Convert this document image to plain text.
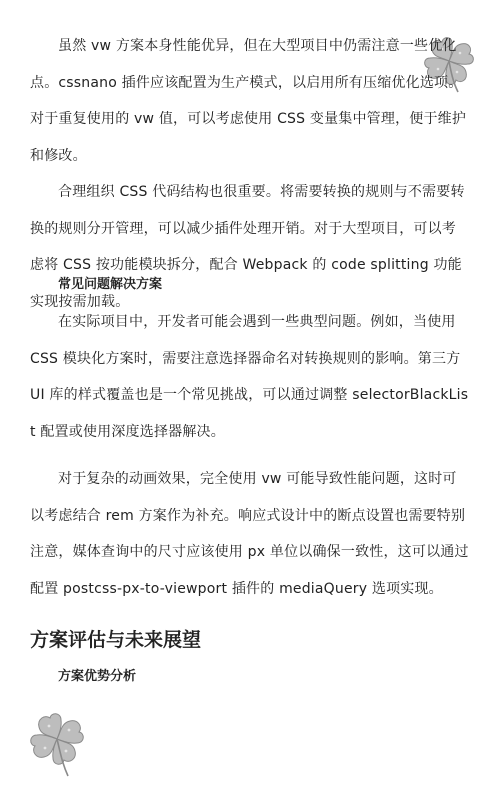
虽然 vw 方案本身性能优异，但在大型项目中仍需注意一些优化点。cssnano 插件应该配置为生产模式，以启用所有压缩优化选项。对于重复使用的 vw 值，可以考虑使用 CSS 变量集中管理，便于维护和修改。

合理组织 CSS 代码结构也很重要。将需要转换的规则与不需要转换的规则分开管理，可以减少插件处理开销。对于大型项目，可以考虑将 CSS 按功能模块拆分，配合 Webpack 的 code splitting 功能实现按需加载。

常见问题解决方案

在实际项目中，开发者可能会遇到一些典型问题。例如，当使用 CSS 模块化方案时，需要注意选择器命名对转换规则的影响。第三方 UI 库的样式覆盖也是一个常见挑战，可以通过调整 selectorBlackList 配置或使用深度选择器解决。

对于复杂的动画效果，完全使用 vw 可能导致性能问题，这时可以考虑结合 rem 方案作为补充。响应式设计中的断点设置也需要特别注意，媒体查询中的尺寸应该使用 px 单位以确保一致性，这可以通过配置 postcss-px-to-viewport 插件的 mediaQuery 选项实现。

方案评估与未来展望
方案优势分析
